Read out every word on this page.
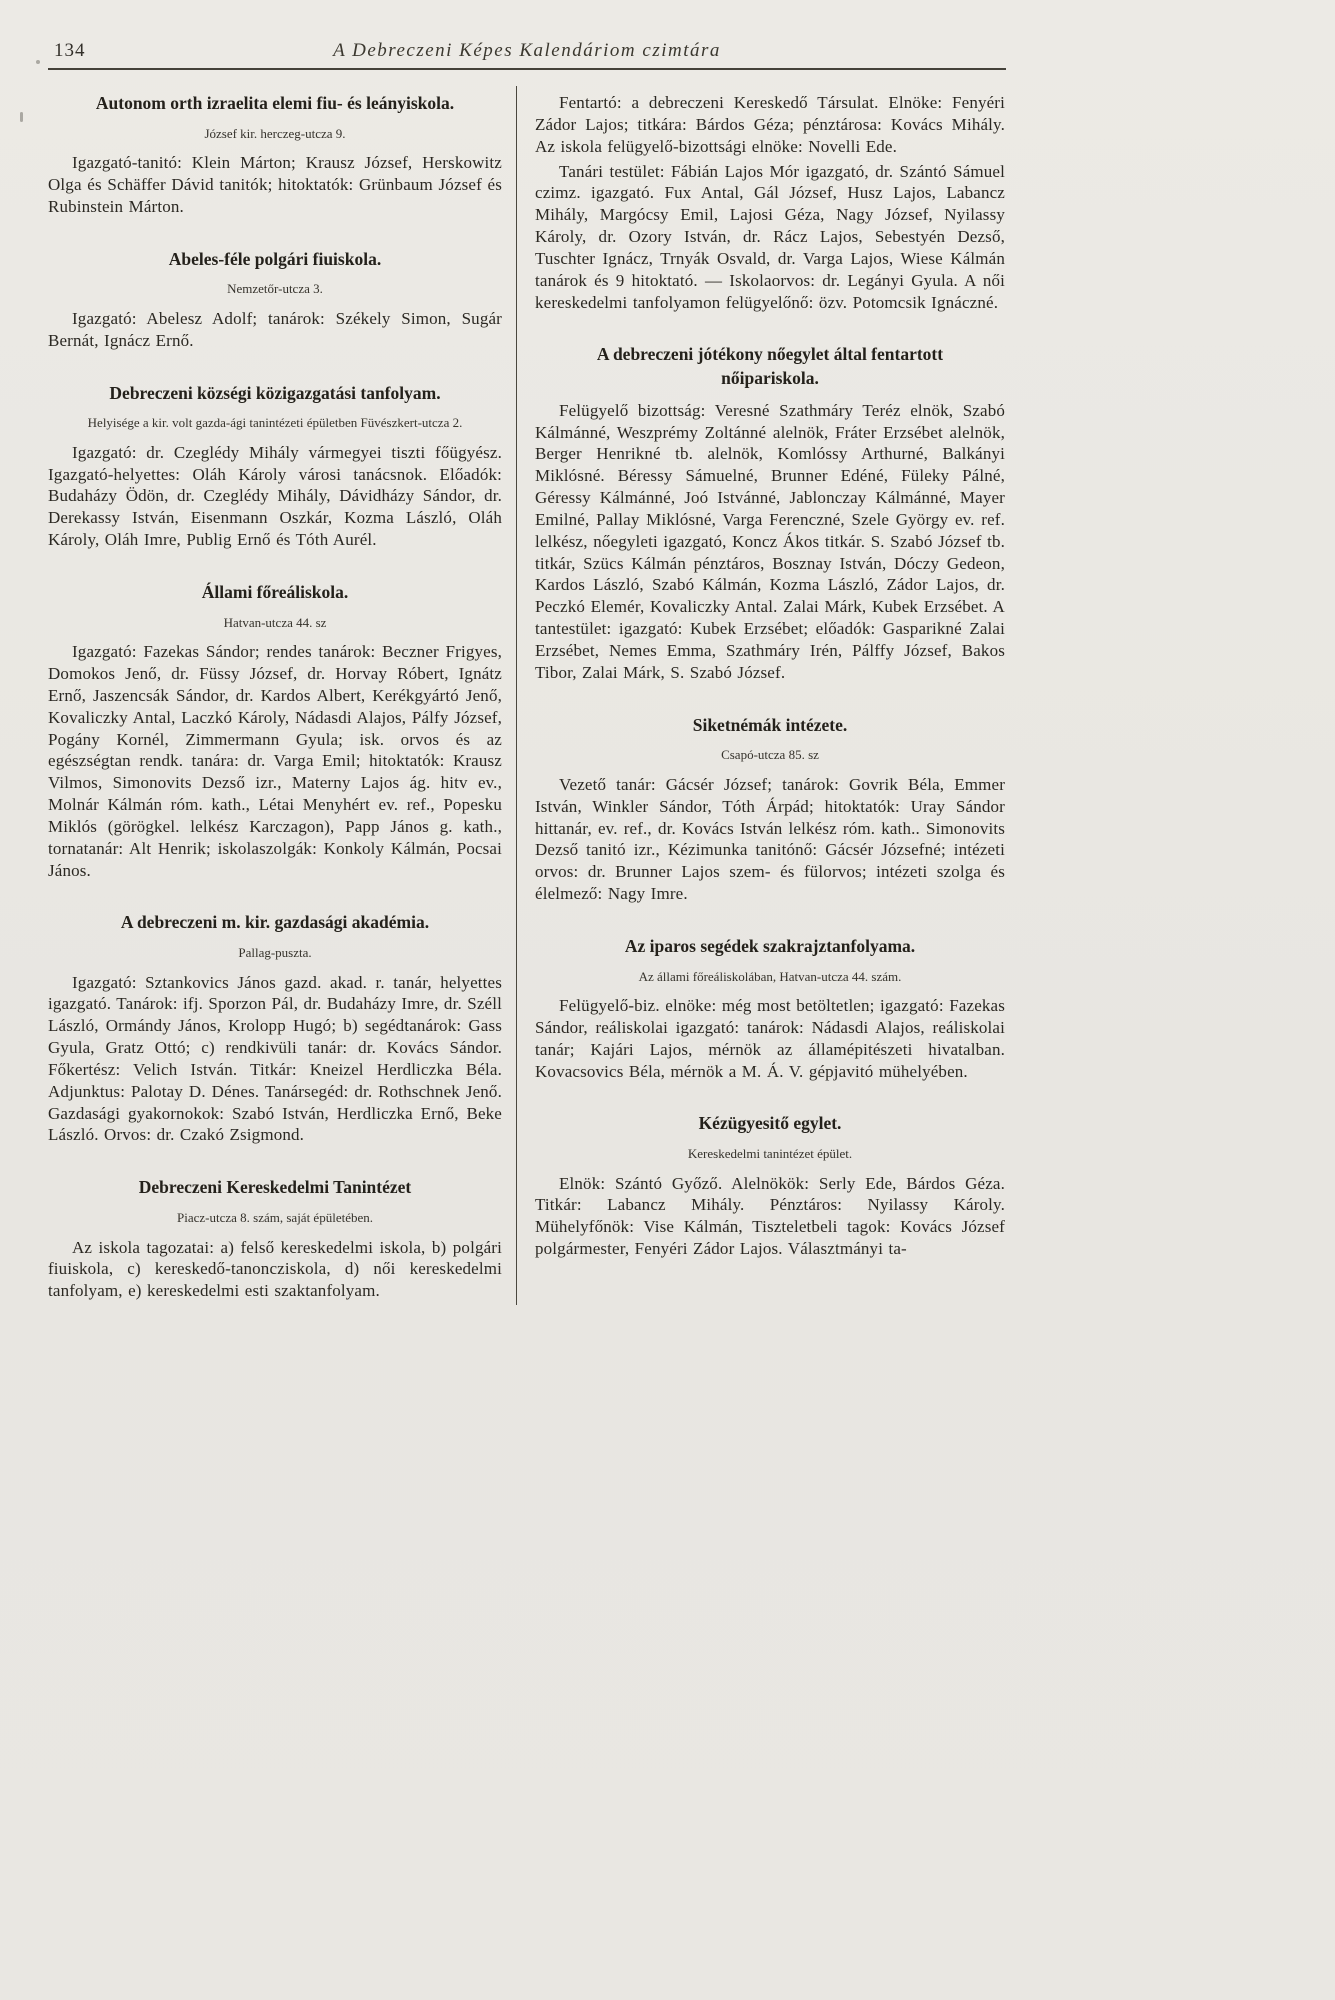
134	A Debreczeni Képes Kalendáriom czimtára
Autonom orth izraelita elemi fiu- és leányiskola.
József kir. herczeg-utcza 9.

Igazgató-tanitó: Klein Márton; Krausz József, Herskowitz Olga és Schäffer Dávid tanitók; hitoktatók: Grünbaum József és Rubinstein Márton.

Abeles-féle polgári fiuiskola.
Nemzetőr-utcza 3.

Igazgató: Abelesz Adolf; tanárok: Székely Simon, Sugár Bernát, Ignácz Ernő.

Debreczeni községi közigazgatási tanfolyam.
Helyisége a kir. volt gazda-ági tanintézeti épületben Füvészkert-utcza 2.

Igazgató: dr. Czeglédy Mihály vármegyei tiszti főügyész. Igazgató-helyettes: Oláh Károly városi tanácsnok. Előadók: Budaházy Ödön, dr. Czeglédy Mihály, Dávidházy Sándor, dr. Derekassy István, Eisenmann Oszkár, Kozma László, Oláh Károly, Oláh Imre, Publig Ernő és Tóth Aurél.

Állami főreáliskola.
Hatvan-utcza 44. sz

Igazgató: Fazekas Sándor; rendes tanárok: Beczner Frigyes, Domokos Jenő, dr. Füssy József, dr. Horvay Róbert, Ignátz Ernő, Jaszencsák Sándor, dr. Kardos Albert, Kerékgyártó Jenő, Kovaliczky Antal, Laczkó Károly, Nádasdi Alajos, Pálfy József, Pogány Kornél, Zimmermann Gyula; isk. orvos és az egészségtan rendk. tanára: dr. Varga Emil; hitoktatók: Krausz Vilmos, Simonovits Dezső izr., Materny Lajos ág. hitv ev., Molnár Kálmán róm. kath., Létai Menyhért ev. ref., Popesku Miklós (görögkel. lelkész Karczagon), Papp János g. kath., tornatanár: Alt Henrik; iskolaszolgák: Konkoly Kálmán, Pocsai János.

A debreczeni m. kir. gazdasági akadémia.
Pallag-puszta.

Igazgató: Sztankovics János gazd. akad. r. tanár, helyettes igazgató. Tanárok: ifj. Sporzon Pál, dr. Budaházy Imre, dr. Széll László, Ormándy János, Krolopp Hugó; b) segédtanárok: Gass Gyula, Gratz Ottó; c) rendkivüli tanár: dr. Kovács Sándor. Főkertész: Velich István. Titkár: Kneizel Herdliczka Béla. Adjunktus: Palotay D. Dénes. Tanársegéd: dr. Rothschnek Jenő. Gazdasági gyakornokok: Szabó István, Herdliczka Ernő, Beke László. Orvos: dr. Czakó Zsigmond.

Debreczeni Kereskedelmi Tanintézet
Piacz-utcza 8. szám, saját épületében.

Az iskola tagozatai: a) felső kereskedelmi iskola, b) polgári fiuiskola, c) kereskedő-tanoncziskola, d) női kereskedelmi tanfolyam, e) kereskedelmi esti szaktanfolyam.

Fentartó: a debreczeni Kereskedő Társulat. Elnöke: Fenyéri Zádor Lajos; titkára: Bárdos Géza; pénztárosa: Kovács Mihály. Az iskola felügyelő-bizottsági elnöke: Novelli Ede.

Tanári testület: Fábián Lajos Mór igazgató, dr. Szántó Sámuel czimz. igazgató. Fux Antal, Gál József, Husz Lajos, Labancz Mihály, Margócsy Emil, Lajosi Géza, Nagy József, Nyilassy Károly, dr. Ozory István, dr. Rácz Lajos, Sebestyén Dezső, Tuschter Ignácz, Trnyák Osvald, dr. Varga Lajos, Wiese Kálmán tanárok és 9 hitoktató. — Iskolaorvos: dr. Legányi Gyula. A női kereskedelmi tanfolyamon felügyelőnő: özv. Potomcsik Ignáczné.

A debreczeni jótékony nőegylet által fentartott nőipariskola.

Felügyelő bizottság: Veresné Szathmáry Teréz elnök, Szabó Kálmánné, Weszprémy Zoltánné alelnök, Fráter Erzsébet alelnök, Berger Henrikné tb. alelnök, Komlóssy Arthurné, Balkányi Miklósné. Béressy Sámuelné, Brunner Edéné, Füleky Pálné, Géressy Kálmánné, Joó Istvánné, Jablonczay Kálmánné, Mayer Emilné, Pallay Miklósné, Varga Ferenczné, Szele György ev. ref. lelkész, nőegyleti igazgató, Koncz Ákos titkár. S. Szabó József tb. titkár, Szücs Kálmán pénztáros, Bosznay István, Dóczy Gedeon, Kardos László, Szabó Kálmán, Kozma László, Zádor Lajos, dr. Peczkó Elemér, Kovaliczky Antal. Zalai Márk, Kubek Erzsébet. A tantestület: igazgató: Kubek Erzsébet; előadók: Gasparikné Zalai Erzsébet, Nemes Emma, Szathmáry Irén, Pálffy József, Bakos Tibor, Zalai Márk, S. Szabó József.

Siketnémák intézete.
Csapó-utcza 85. sz

Vezető tanár: Gácsér József; tanárok: Govrik Béla, Emmer István, Winkler Sándor, Tóth Árpád; hitoktatók: Uray Sándor hittanár, ev. ref., dr. Kovács István lelkész róm. kath.. Simonovits Dezső tanitó izr., Kézimunka tanitónő: Gácsér Józsefné; intézeti orvos: dr. Brunner Lajos szem- és fülorvos; intézeti szolga és élelmező: Nagy Imre.

Az iparos segédek szakrajztanfolyama.
Az állami főreáliskolában, Hatvan-utcza 44. szám.

Felügyelő-biz. elnöke: még most betöltetlen; igazgató: Fazekas Sándor, reáliskolai igazgató: tanárok: Nádasdi Alajos, reáliskolai tanár; Kajári Lajos, mérnök az államépitészeti hivatalban. Kovacsovics Béla, mérnök a M. Á. V. gépjavitó mühelyében.

Kézügyesitő egylet.
Kereskedelmi tanintézet épület.

Elnök: Szántó Győző. Alelnökök: Serly Ede, Bárdos Géza. Titkár: Labancz Mihály. Pénztáros: Nyilassy Károly. Mühelyfőnök: Vise Kálmán, Tiszteletbeli tagok: Kovács József polgármester, Fenyéri Zádor Lajos. Választmányi ta-
